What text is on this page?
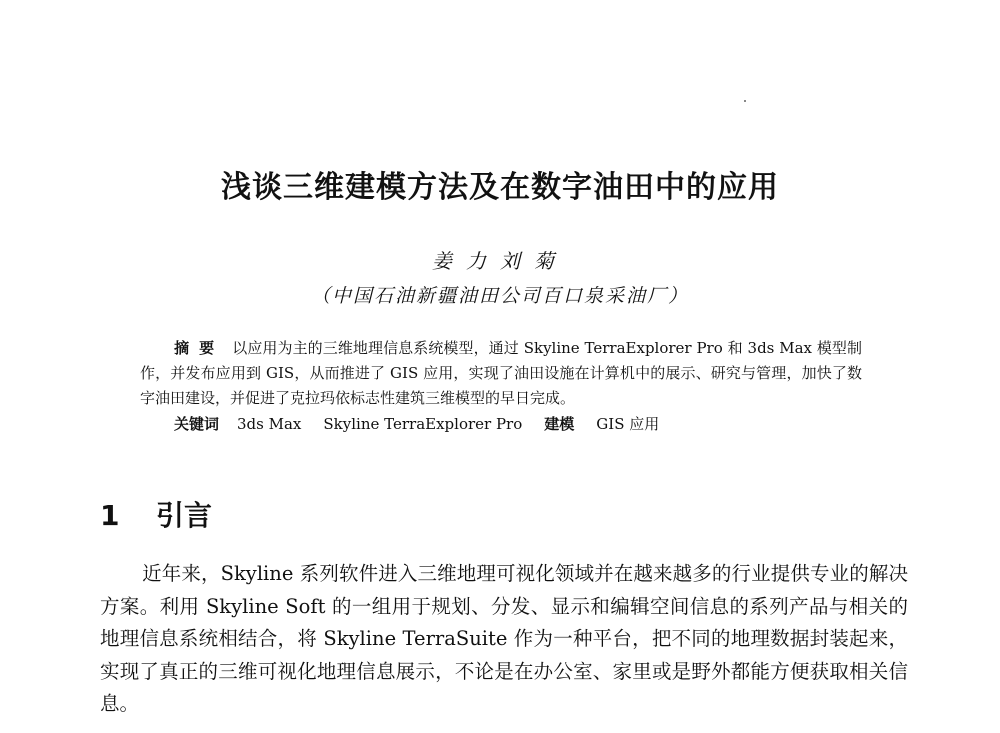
浅谈三维建模方法及在数字油田中的应用
姜力刘菊
（中国石油新疆油田公司百口泉采油厂）
摘要 以应用为主的三维地理信息系统模型，通过 Skyline TerraExplorer Pro 和 3ds Max 模型制作，并发布应用到 GIS，从而推进了 GIS 应用，实现了油田设施在计算机中的展示、研究与管理，加快了数字油田建设，并促进了克拉玛依标志性建筑三维模型的早日完成。
关键词 3ds Max Skyline TerraExplorer Pro 建模 GIS 应用
1 引言
近年来，Skyline 系列软件进入三维地理可视化领域并在越来越多的行业提供专业的解决方案。利用 Skyline Soft 的一组用于规划、分发、显示和编辑空间信息的系列产品与相关的地理信息系统相结合，将 Skyline TerraSuite 作为一种平台，把不同的地理数据封装起来，实现了真正的三维可视化地理信息展示，不论是在办公室、家里或是野外都能方便获取相关信息。
